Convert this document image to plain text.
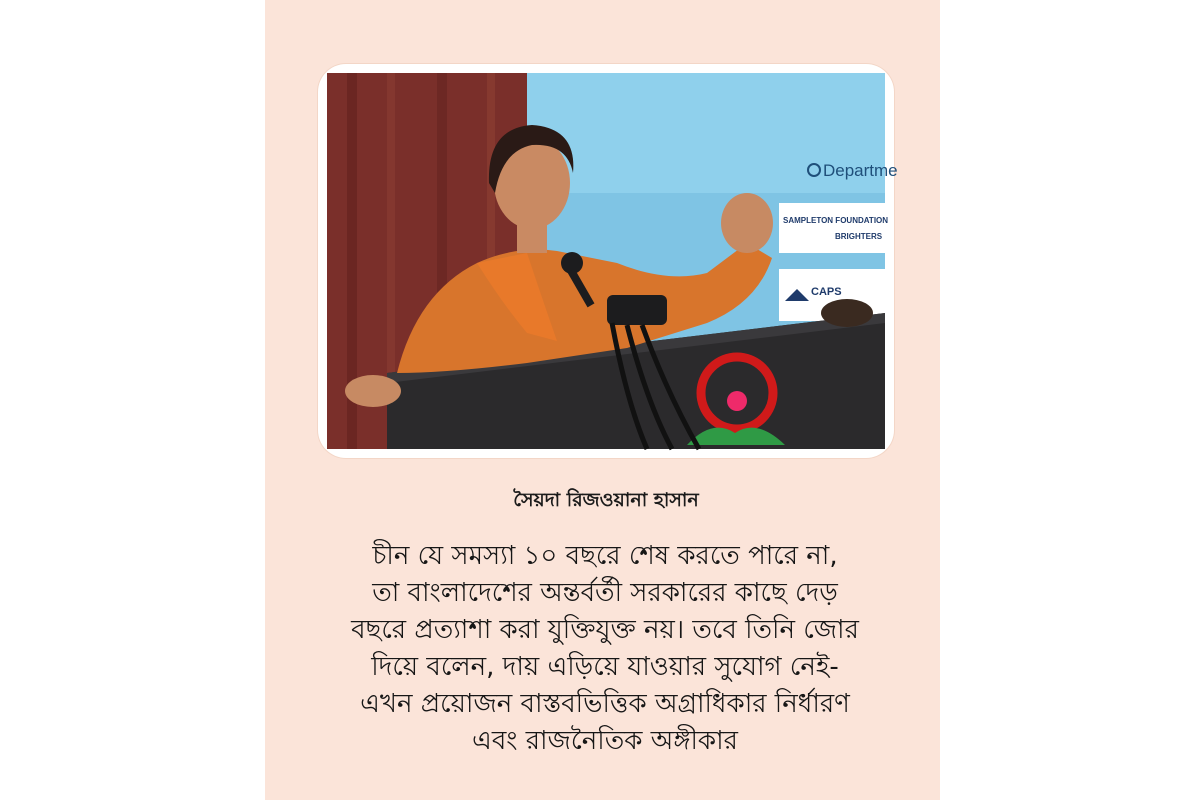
Departme
SAMPLETON FOUNDATION
BRIGHTERS
CAPS
সৈয়দা রিজওয়ানা হাসান
চীন যে সমস্যা ১০ বছরে শেষ করতে পারে না,
তা বাংলাদেশের অন্তর্বর্তী সরকারের কাছে দেড়
বছরে প্রত্যাশা করা যুক্তিযুক্ত নয়। তবে তিনি জোর
দিয়ে বলেন, দায় এড়িয়ে যাওয়ার সুযোগ নেই-
এখন প্রয়োজন বাস্তবভিত্তিক অগ্রাধিকার নির্ধারণ
এবং রাজনৈতিক অঙ্গীকার
